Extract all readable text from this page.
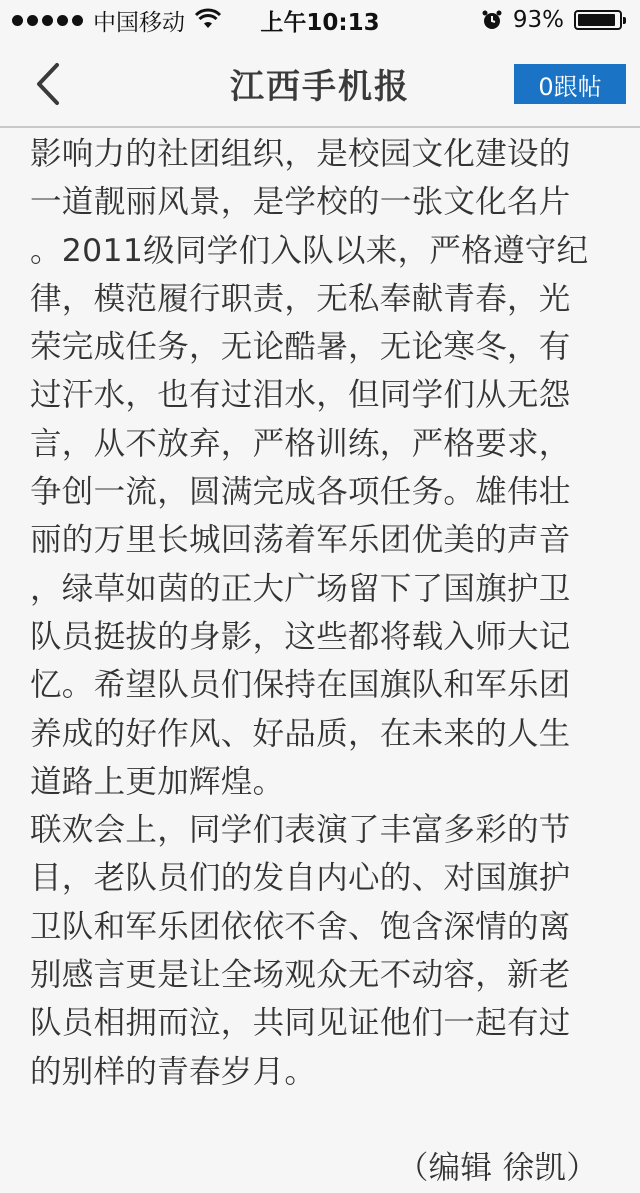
中国移动	上午10:13	93%
江西手机报	0跟帖
影响力的社团组织，是校园文化建设的
一道靓丽风景，是学校的一张文化名片
。2011级同学们入队以来，严格遵守纪
律，模范履行职责，无私奉献青春，光
荣完成任务，无论酷暑，无论寒冬，有
过汗水，也有过泪水，但同学们从无怨
言，从不放弃，严格训练，严格要求，
争创一流，圆满完成各项任务。雄伟壮
丽的万里长城回荡着军乐团优美的声音
，绿草如茵的正大广场留下了国旗护卫
队员挺拔的身影，这些都将载入师大记
忆。希望队员们保持在国旗队和军乐团
养成的好作风、好品质，在未来的人生
道路上更加辉煌。
联欢会上，同学们表演了丰富多彩的节
目，老队员们的发自内心的、对国旗护
卫队和军乐团依依不舍、饱含深情的离
别感言更是让全场观众无不动容，新老
队员相拥而泣，共同见证他们一起有过
的别样的青春岁月。
（编辑 徐凯）
